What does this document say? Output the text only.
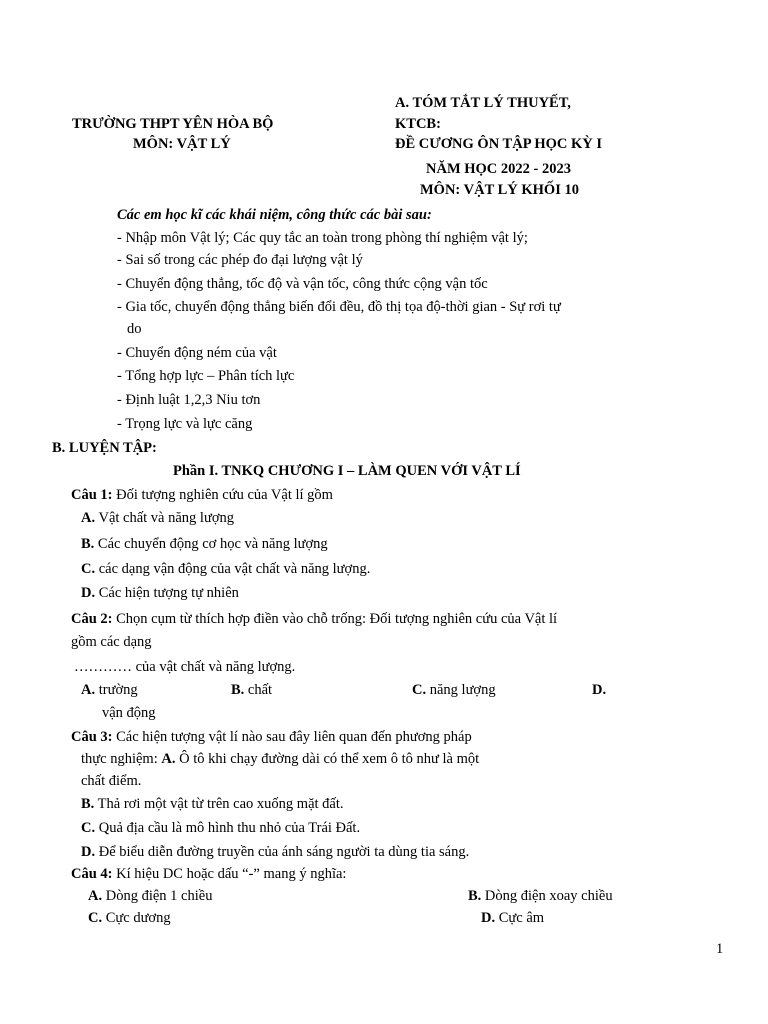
TRƯỜNG THPT YÊN HÒA BỘ
MÔN: VẬT LÝ
A. TÓM TẮT LÝ THUYẾT,
KTCB:
ĐỀ CƯƠNG ÔN TẬP HỌC KỲ I
NĂM HỌC 2022 - 2023
MÔN: VẬT LÝ KHỐI 10
Các em học kĩ các khái niệm, công thức các bài sau:
- Nhập môn Vật lý; Các quy tắc an toàn trong phòng thí nghiệm vật lý;
- Sai số trong các phép đo đại lượng vật lý
- Chuyển động thẳng, tốc độ và vận tốc, công thức cộng vận tốc
- Gia tốc, chuyển động thẳng biến đổi đều, đồ thị tọa độ-thời gian - Sự rơi tự
do
- Chuyển động ném của vật
- Tổng hợp lực – Phân tích lực
- Định luật 1,2,3 Niu tơn
- Trọng lực và lực căng
B. LUYỆN TẬP:
Phần I. TNKQ CHƯƠNG I – LÀM QUEN VỚI VẬT LÍ
Câu 1: Đối tượng nghiên cứu của Vật lí gồm
A. Vật chất và năng lượng
B. Các chuyển động cơ học và năng lượng
C. các dạng vận động của vật chất và năng lượng.
D. Các hiện tượng tự nhiên
Câu 2: Chọn cụm từ thích hợp điền vào chỗ trống: Đối tượng nghiên cứu của Vật lí
gồm các dạng
………… của vật chất và năng lượng.
A. trường	B. chất	C. năng lượng	D.
vận động
Câu 3: Các hiện tượng vật lí nào sau đây liên quan đến phương pháp
thực nghiệm: A. Ô tô khi chạy đường dài có thể xem ô tô như là một
chất điểm.
B. Thả rơi một vật từ trên cao xuống mặt đất.
C. Quả địa cầu là mô hình thu nhỏ của Trái Đất.
D. Để biểu diễn đường truyền của ánh sáng người ta dùng tia sáng.
Câu 4: Kí hiệu DC hoặc dấu “-” mang ý nghĩa:
A. Dòng điện 1 chiều	B. Dòng điện xoay chiều
C. Cực dương	D. Cực âm
1
